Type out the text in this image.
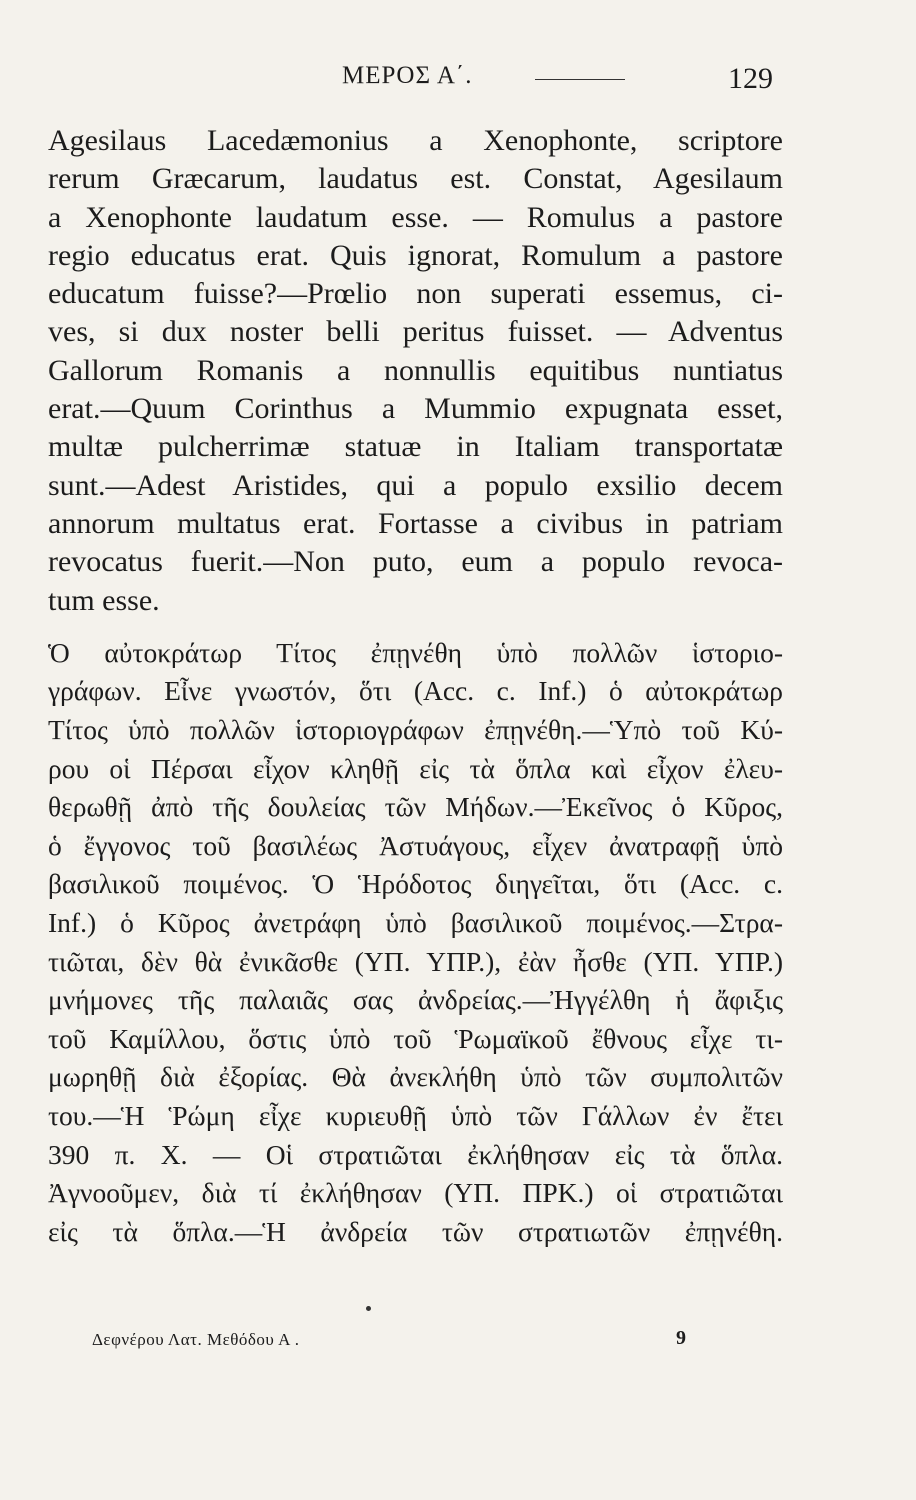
ΜΕΡΟΣ Α΄.	129
Agesilaus Lacedæmonius a Xenophonte, scriptore
rerum Græcarum, laudatus est. Constat, Agesilaum
a Xenophonte laudatum esse. — Romulus a pastore
regio educatus erat. Quis ignorat, Romulum a pastore
educatum fuisse?—Prœlio non superati essemus, ci-
ves, si dux noster belli peritus fuisset. — Adventus
Gallorum Romanis a nonnullis equitibus nuntiatus
erat.—Quum Corinthus a Mummio expugnata esset,
multæ pulcherrimæ statuæ in Italiam transportatæ
sunt.—Adest Aristides, qui a populo exsilio decem
annorum multatus erat. Fortasse a civibus in patriam
revocatus fuerit.—Non puto, eum a populo revoca-
tum esse.
Ὁ αὐτοκράτωρ Τίτος ἐπῃνέθη ὑπὸ πολλῶν ἱστοριο-
γράφων. Εἶνε γνωστόν, ὅτι (Acc. c. Inf.) ὁ αὐτοκράτωρ
Τίτος ὑπὸ πολλῶν ἱστοριογράφων ἐπῃνέθη.—Ὑπὸ τοῦ Κύ-
ρου οἱ Πέρσαι εἶχον κληθῇ εἰς τὰ ὅπλα καὶ εἶχον ἐλευ-
θερωθῇ ἀπὸ τῆς δουλείας τῶν Μήδων.—Ἐκεῖνος ὁ Κῦρος,
ὁ ἔγγονος τοῦ βασιλέως Ἀστυάγους, εἶχεν ἀνατραφῇ ὑπὸ
βασιλικοῦ ποιμένος. Ὁ Ἡρόδοτος διηγεῖται, ὅτι (Acc. c.
Inf.) ὁ Κῦρος ἀνετράφη ὑπὸ βασιλικοῦ ποιμένος.—Στρα-
τιῶται, δὲν θὰ ἐνικᾶσθε (ΥΠ. ΥΠΡ.), ἐὰν ἦσθε (ΥΠ. ΥΠΡ.)
μνήμονες τῆς παλαιᾶς σας ἀνδρείας.—Ἠγγέλθη ἡ ἄφιξις
τοῦ Καμίλλου, ὅστις ὑπὸ τοῦ Ῥωμαϊκοῦ ἔθνους εἶχε τι-
μωρηθῇ διὰ ἐξορίας. Θὰ ἀνεκλήθη ὑπὸ τῶν συμπολιτῶν
του.—Ἡ Ῥώμη εἶχε κυριευθῇ ὑπὸ τῶν Γάλλων ἐν ἔτει
390 π. Χ. — Οἱ στρατιῶται ἐκλήθησαν εἰς τὰ ὅπλα.
Ἀγνοοῦμεν, διὰ τί ἐκλήθησαν (ΥΠ. ΠΡΚ.) οἱ στρατιῶται
εἰς τὰ ὅπλα.—Ἡ ἀνδρεία τῶν στρατιωτῶν ἐπῃνέθη.
Δεφνέρου Λατ. Μεθόδου Α .	9
